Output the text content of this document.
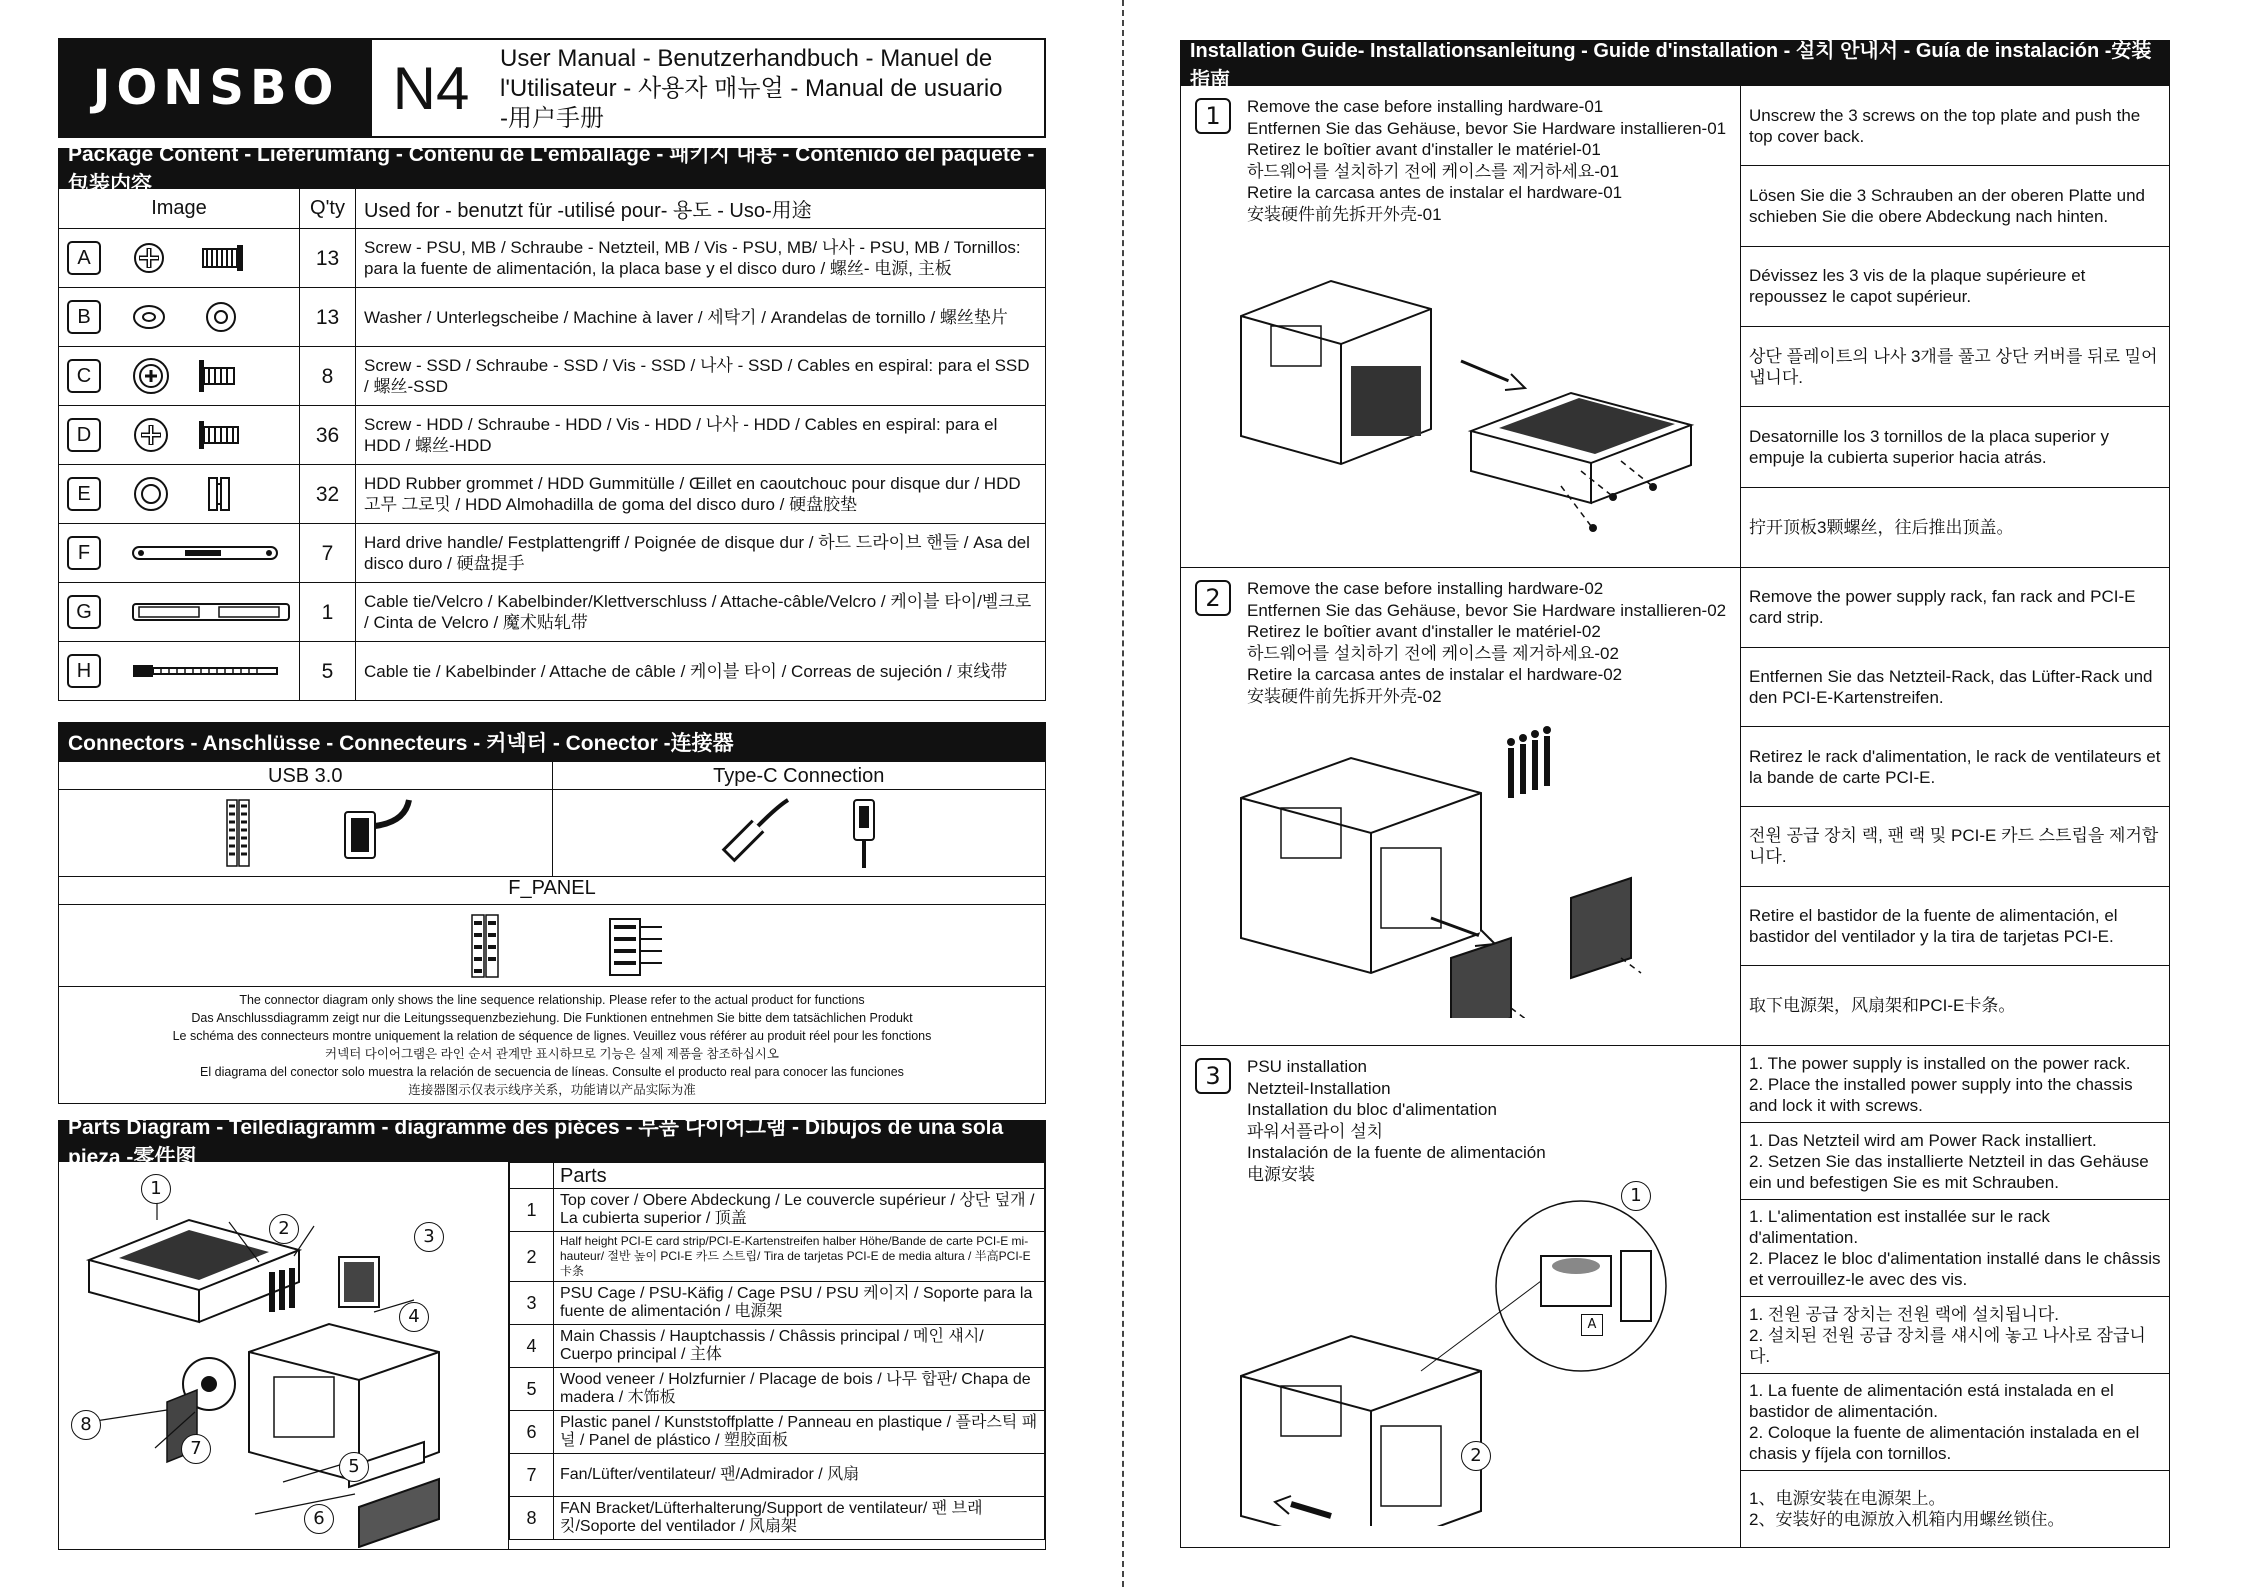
JONSBO N4	User Manual - Benutzerhandbuch - Manuel de
l'Utilisateur - 사용자 매뉴얼 - Manual de usuario
-用户手册
Package Content - Lieferumfang - Contenu de L'emballage - 패키지 내용 - Contenido del paquete -包装内容
Image	Q'ty	Used for - benutzt für -utilisé pour- 용도 - Uso-用途

A	13	Screw - PSU, MB / Schraube - Netzteil, MB / Vis - PSU, MB/ 나사 - PSU, MB / Tornillos: para la fuente de alimentación, la placa base y el disco duro / 螺丝- 电源, 主板

B	13	Washer / Unterlegscheibe / Machine à laver / 세탁기 / Arandelas de tornillo / 螺丝垫片

C	8	Screw - SSD / Schraube - SSD / Vis - SSD / 나사 - SSD / Cables en espiral: para el SSD / 螺丝-SSD

D	36	Screw - HDD / Schraube - HDD / Vis - HDD / 나사 - HDD / Cables en espiral: para el HDD / 螺丝-HDD

E	32	HDD Rubber grommet / HDD Gummitülle / Œillet en caoutchouc pour disque dur / HDD 고무 그로밋 / HDD Almohadilla de goma del disco duro / 硬盘胶垫

F	7	Hard drive handle/ Festplattengriff / Poignée de disque dur / 하드 드라이브 핸들 / Asa del disco duro / 硬盘提手

G	1	Cable tie/Velcro / Kabelbinder/Klettverschluss / Attache-câble/Velcro / 케이블 타이/벨크로 / Cinta de Velcro / 魔术贴轧带

H	5	Cable tie / Kabelbinder / Attache de câble / 케이블 타이 / Correas de sujeción / 束线带
Connectors - Anschlüsse - Connecteurs - 커넥터 - Conector -连接器
USB 3.0	Type-C Connection
F_PANEL
The connector diagram only shows the line sequence relationship. Please refer to the actual product for functions
Das Anschlussdiagramm zeigt nur die Leitungssequenzbeziehung. Die Funktionen entnehmen Sie bitte dem tatsächlichen Produkt
Le schéma des connecteurs montre uniquement la relation de séquence de lignes. Veuillez vous référer au produit réel pour les fonctions
커넥터 다이어그램은 라인 순서 관계만 표시하므로 기능은 실제 제품을 참조하십시오
El diagrama del conector solo muestra la relación de secuencia de líneas. Consulte el producto real para conocer las funciones
连接器图示仅表示线序关系，功能请以产品实际为准
Parts Diagram - Teilediagramm - diagramme des pièces - 부품 다이어그램 - Dibujos de una sola pieza -零件图
1
2	3
4
5
6
7
8
	Parts
1	Top cover / Obere Abdeckung / Le couvercle supérieur / 상단 덮개 / La cubierta superior / 顶盖
2	Half height PCI-E card strip/PCI-E-Kartenstreifen halber Höhe/Bande de carte PCI-E mi-hauteur/ 절반 높이 PCI-E 카드 스트립/ Tira de tarjetas PCI-E de media altura / 半高PCI-E卡条
3	PSU Cage / PSU-Käfig / Cage PSU / PSU 케이지 / Soporte para la fuente de alimentación / 电源架
4	Main Chassis / Hauptchassis / Châssis principal / 메인 섀시/ Cuerpo principal / 主体
5	Wood veneer / Holzfurnier / Placage de bois / 나무 합판/ Chapa de madera / 木饰板
6	Plastic panel / Kunststoffplatte / Panneau en plastique / 플라스틱 패널 / Panel de plástico / 塑胶面板
7	Fan/Lüfter/ventilateur/ 팬/Admirador / 风扇
8	FAN Bracket/Lüfterhalterung/Support de ventilateur/ 팬 브래킷/Soporte del ventilador / 风扇架
Installation Guide- Installationsanleitung - Guide d'installation - 설치 안내서 - Guía de instalación -安装指南
1	Remove the case before installing hardware-01
Entfernen Sie das Gehäuse, bevor Sie Hardware installieren-01
Retirez le boîtier avant d'installer le matériel-01
하드웨어를 설치하기 전에 케이스를 제거하세요-01
Retire la carcasa antes de instalar el hardware-01
安装硬件前先拆开外壳-01
Unscrew the 3 screws on the top plate and push the top cover back.
Lösen Sie die 3 Schrauben an der oberen Platte und schieben Sie die obere Abdeckung nach hinten.
Dévissez les 3 vis de la plaque supérieure et repoussez le capot supérieur.
상단 플레이트의 나사 3개를 풀고 상단 커버를 뒤로 밀어냅니다.
Desatornille los 3 tornillos de la placa superior y empuje la cubierta superior hacia atrás.
拧开顶板3颗螺丝，往后推出顶盖。
2	Remove the case before installing hardware-02
Entfernen Sie das Gehäuse, bevor Sie Hardware installieren-02
Retirez le boîtier avant d'installer le matériel-02
하드웨어를 설치하기 전에 케이스를 제거하세요-02
Retire la carcasa antes de instalar el hardware-02
安装硬件前先拆开外壳-02
Remove the power supply rack, fan rack and PCI-E card strip.
Entfernen Sie das Netzteil-Rack, das Lüfter-Rack und den PCI-E-Kartenstreifen.
Retirez le rack d'alimentation, le rack de ventilateurs et la bande de carte PCI-E.
전원 공급 장치 랙, 팬 랙 및 PCI-E 카드 스트립을 제거합니다.
Retire el bastidor de la fuente de alimentación, el bastidor del ventilador y la tira de tarjetas PCI-E.
取下电源架，风扇架和PCI-E卡条。
3	PSU installation
Netzteil-Installation
Installation du bloc d'alimentation
파워서플라이 설치
Instalación de la fuente de alimentación
电源安装
1
2
A
1. The power supply is installed on the power rack.
2. Place the installed power supply into the chassis and lock it with screws.
1. Das Netzteil wird am Power Rack installiert.
2. Setzen Sie das installierte Netzteil in das Gehäuse ein und befestigen Sie es mit Schrauben.
1. L'alimentation est installée sur le rack d'alimentation.
2. Placez le bloc d'alimentation installé dans le châssis et verrouillez-le avec des vis.
1. 전원 공급 장치는 전원 랙에 설치됩니다.
2. 설치된 전원 공급 장치를 섀시에 놓고 나사로 잠급니다.
1. La fuente de alimentación está instalada en el bastidor de alimentación.
2. Coloque la fuente de alimentación instalada en el chasis y fíjela con tornillos.
1、电源安装在电源架上。
2、安装好的电源放入机箱内用螺丝锁住。
